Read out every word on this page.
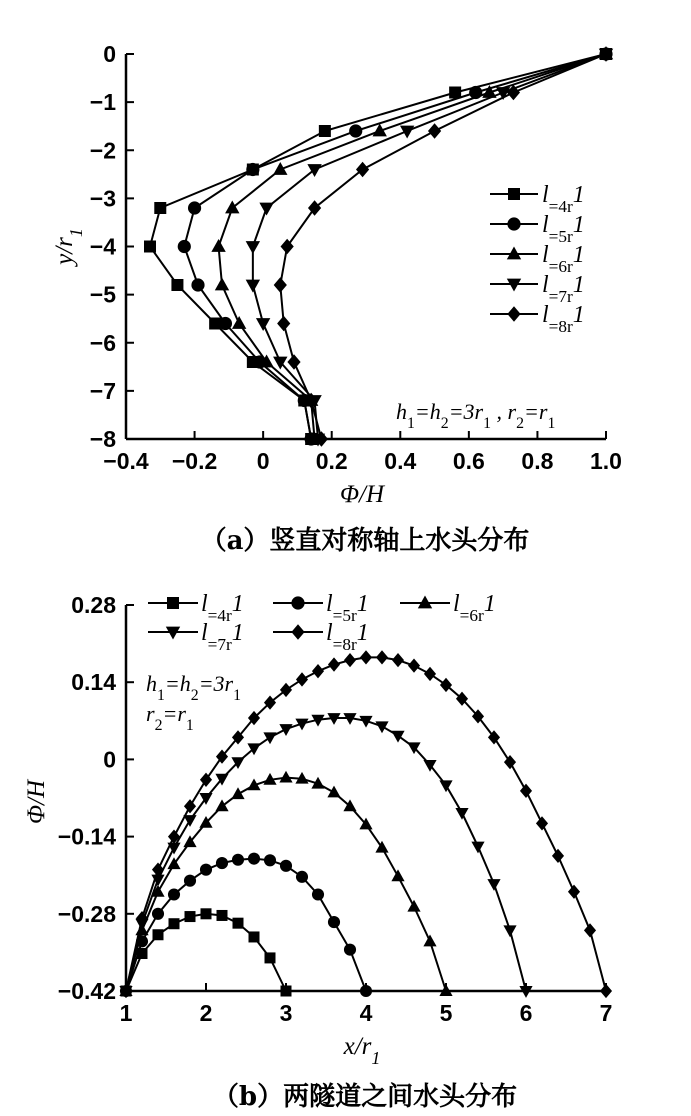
−0.4 −0.2 0 0.2 0.4 0.6 0.8 1.0
0
−1
−2
−3
−4
−5
−6
−7
−8
Φ/H
$y/r_1$
$l_{=4r}1$
$l_{=5r}1$
$l_{=6r}1$
$l_{=7r}1$
$l_{=8r}1$
$h_1=h_2=3r_1$ , $r_2=r_1$
（a）竖直对称轴上水头分布
1	2	3	4	5	6	7
0.28
0.14
0
−0.14
−0.28
−0.42
$x/r_1$
Φ/H
$l_{=4r}1$	$l_{=5r}1$	$l_{=6r}1$
$l_{=7r}1$	$l_{=8r}1$
$h_1=h_2=3r_1$
$r_2=r_1$
（b）两隧道之间水头分布
